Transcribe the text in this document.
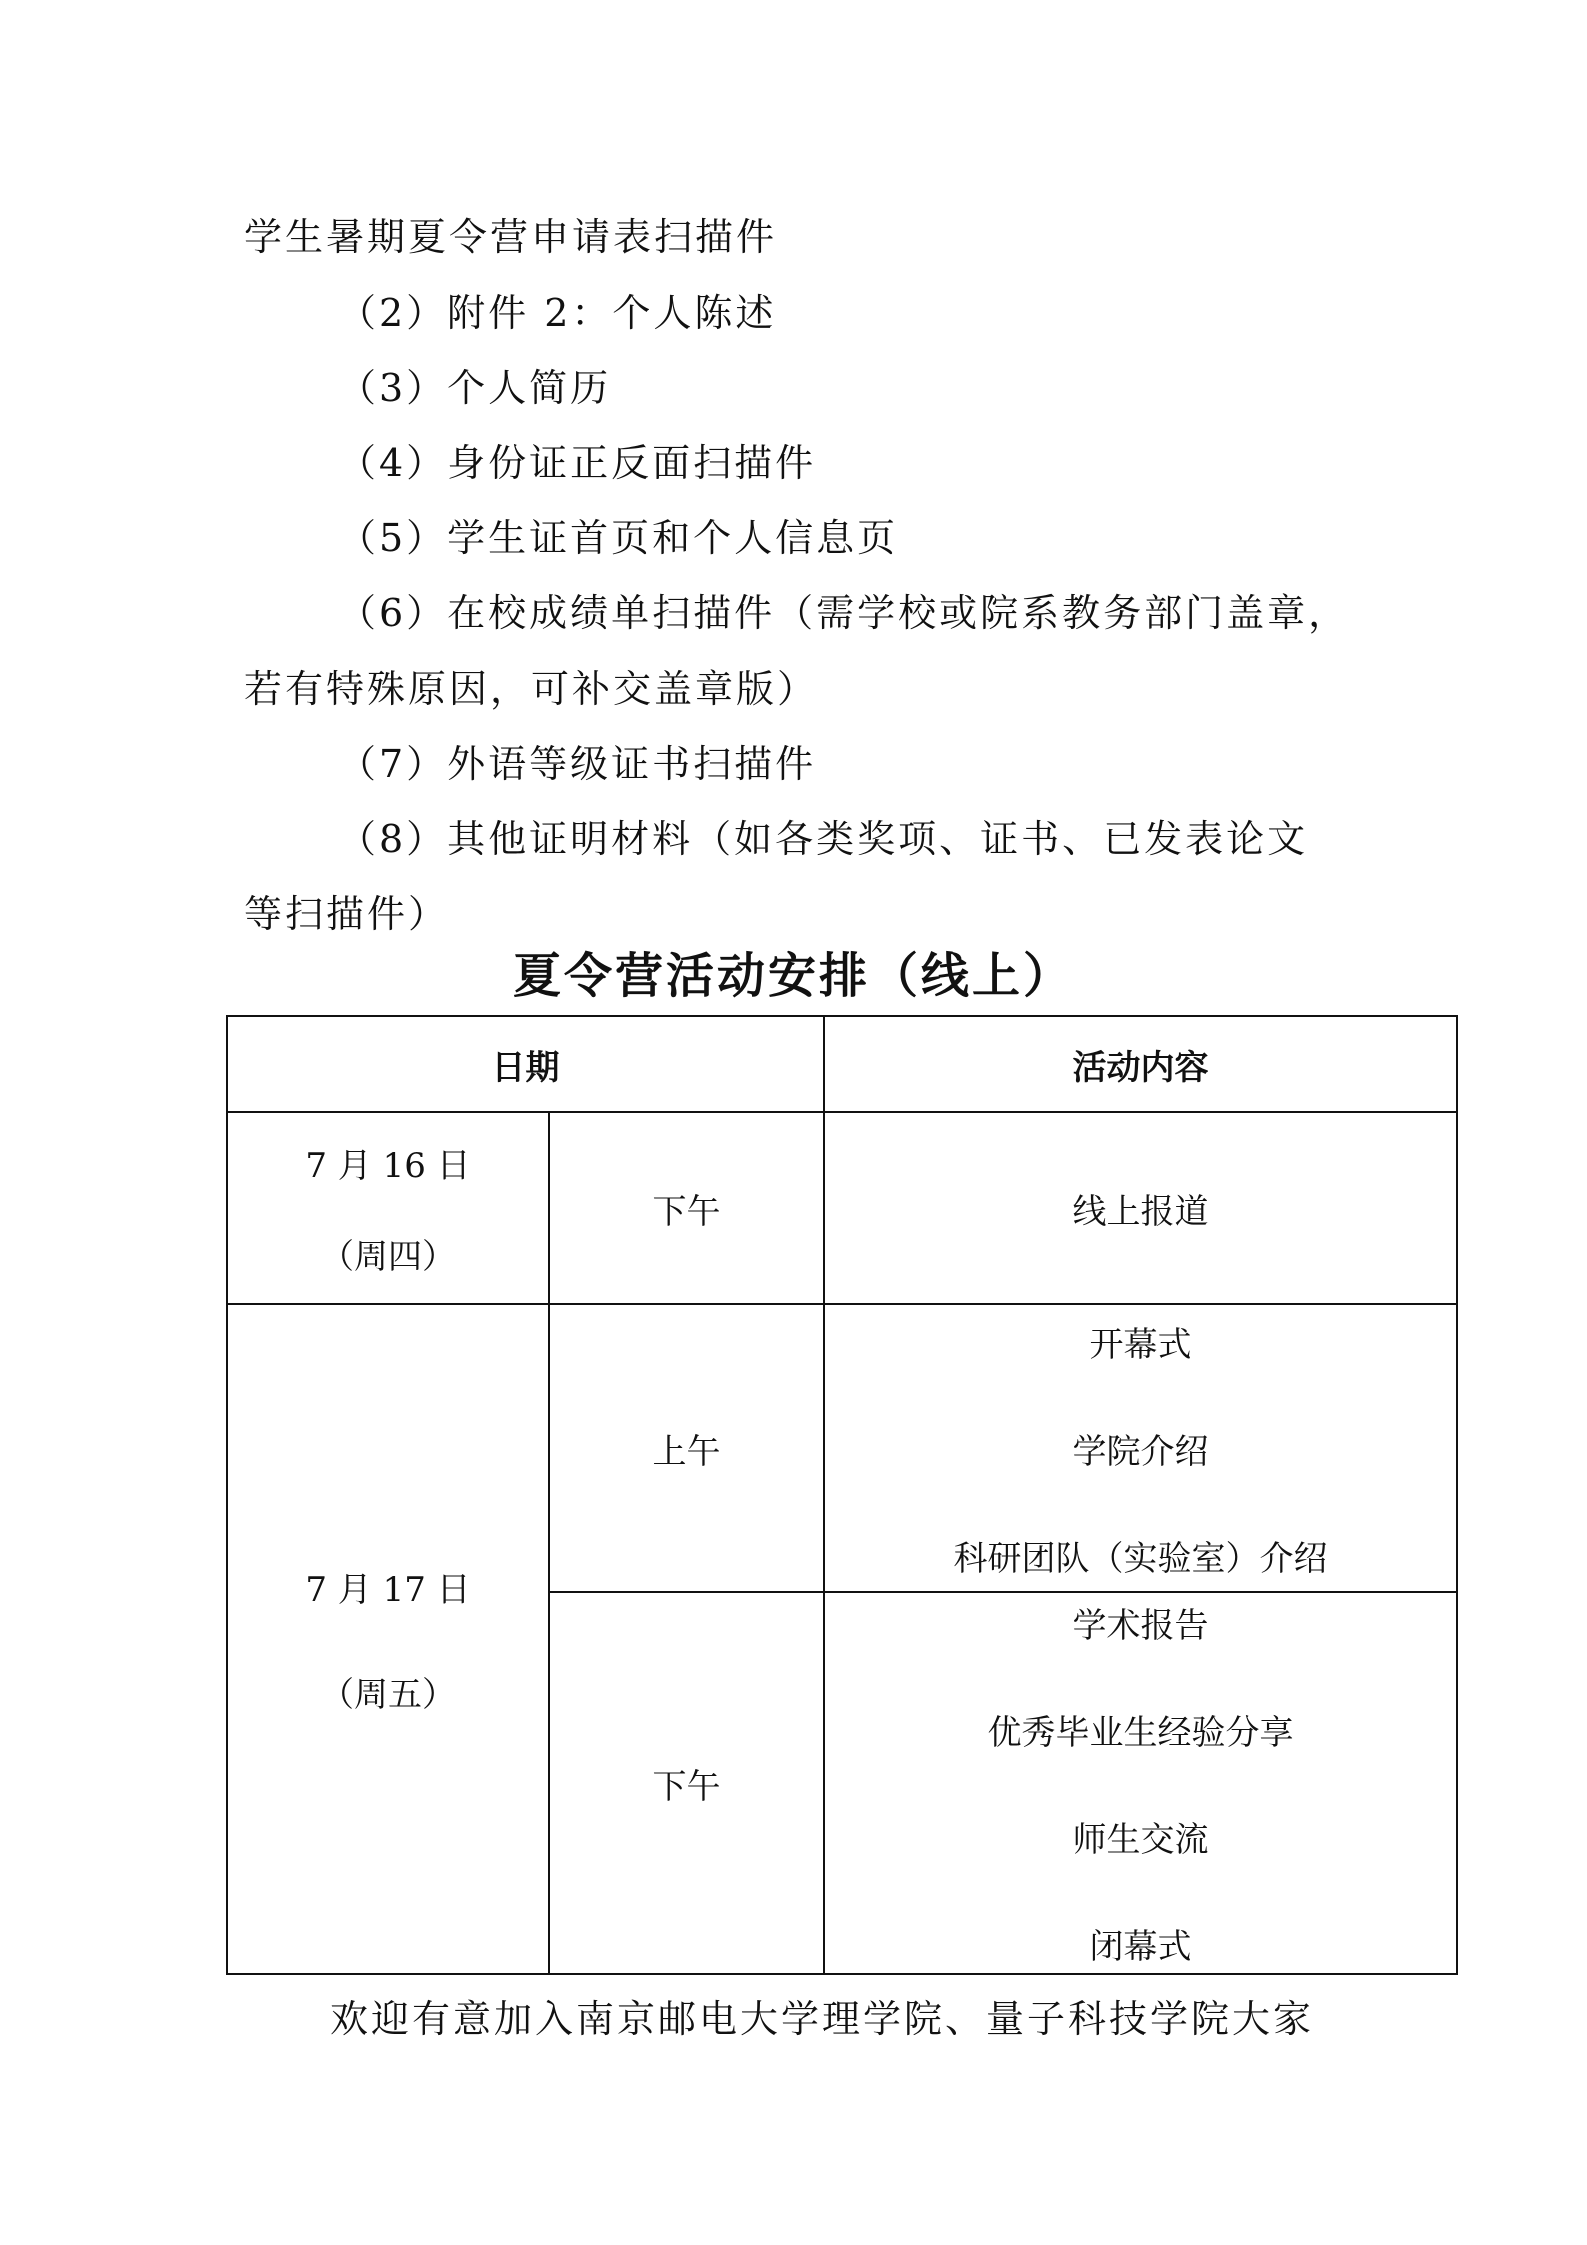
学生暑期夏令营申请表扫描件
（2）附件 2：个人陈述
（3）个人简历
（4）身份证正反面扫描件
（5）学生证首页和个人信息页
（6）在校成绩单扫描件（需学校或院系教务部门盖章，
若有特殊原因，可补交盖章版）
（7）外语等级证书扫描件
（8）其他证明材料（如各类奖项、证书、已发表论文
等扫描件）
夏令营活动安排（线上）
日期		活动内容

7 月 16 日
（周四）	下午	线上报道

7 月 17 日
（周五）	上午	开幕式
学院介绍
科研团队（实验室）介绍

	下午	学术报告
优秀毕业生经验分享
师生交流
闭幕式
欢迎有意加入南京邮电大学理学院、量子科技学院大家
